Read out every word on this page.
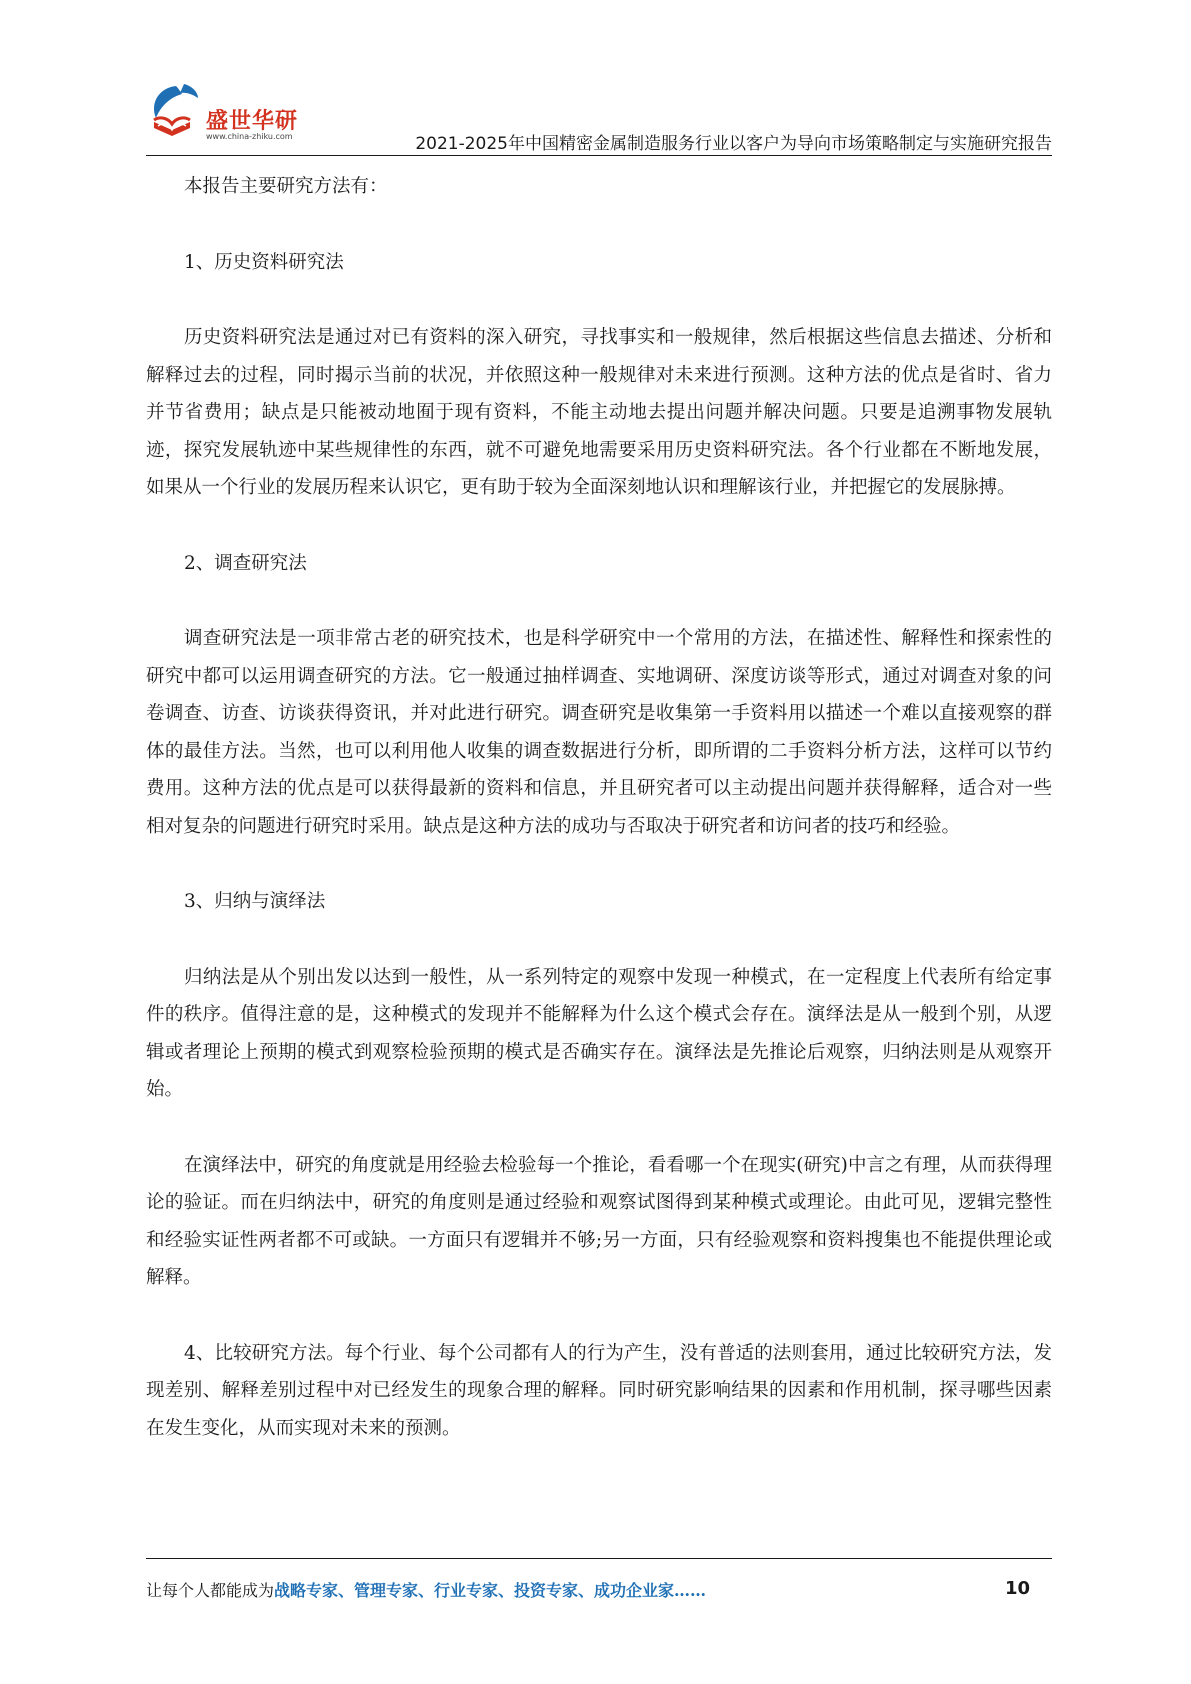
盛世华研
www.china-zhiku.com	2021-2025年中国精密金属制造服务行业以客户为导向市场策略制定与实施研究报告

本报告主要研究方法有：

1、历史资料研究法

历史资料研究法是通过对已有资料的深入研究，寻找事实和一般规律，然后根据这些信息去描述、分析和解释过去的过程，同时揭示当前的状况，并依照这种一般规律对未来进行预测。这种方法的优点是省时、省力并节省费用；缺点是只能被动地囿于现有资料，不能主动地去提出问题并解决问题。只要是追溯事物发展轨迹，探究发展轨迹中某些规律性的东西，就不可避免地需要采用历史资料研究法。各个行业都在不断地发展，如果从一个行业的发展历程来认识它，更有助于较为全面深刻地认识和理解该行业，并把握它的发展脉搏。

2、调查研究法

调查研究法是一项非常古老的研究技术，也是科学研究中一个常用的方法，在描述性、解释性和探索性的研究中都可以运用调查研究的方法。它一般通过抽样调查、实地调研、深度访谈等形式，通过对调查对象的问卷调查、访查、访谈获得资讯，并对此进行研究。调查研究是收集第一手资料用以描述一个难以直接观察的群体的最佳方法。当然，也可以利用他人收集的调查数据进行分析，即所谓的二手资料分析方法，这样可以节约费用。这种方法的优点是可以获得最新的资料和信息，并且研究者可以主动提出问题并获得解释，适合对一些相对复杂的问题进行研究时采用。缺点是这种方法的成功与否取决于研究者和访问者的技巧和经验。

3、归纳与演绎法

归纳法是从个别出发以达到一般性，从一系列特定的观察中发现一种模式，在一定程度上代表所有给定事件的秩序。值得注意的是，这种模式的发现并不能解释为什么这个模式会存在。演绎法是从一般到个别，从逻辑或者理论上预期的模式到观察检验预期的模式是否确实存在。演绎法是先推论后观察，归纳法则是从观察开始。

在演绎法中，研究的角度就是用经验去检验每一个推论，看看哪一个在现实(研究)中言之有理，从而获得理论的验证。而在归纳法中，研究的角度则是通过经验和观察试图得到某种模式或理论。由此可见，逻辑完整性和经验实证性两者都不可或缺。一方面只有逻辑并不够;另一方面，只有经验观察和资料搜集也不能提供理论或解释。

4、比较研究方法。每个行业、每个公司都有人的行为产生，没有普适的法则套用，通过比较研究方法，发现差别、解释差别过程中对已经发生的现象合理的解释。同时研究影响结果的因素和作用机制，探寻哪些因素在发生变化，从而实现对未来的预测。

让每个人都能成为战略专家、管理专家、行业专家、投资专家、成功企业家……	10
